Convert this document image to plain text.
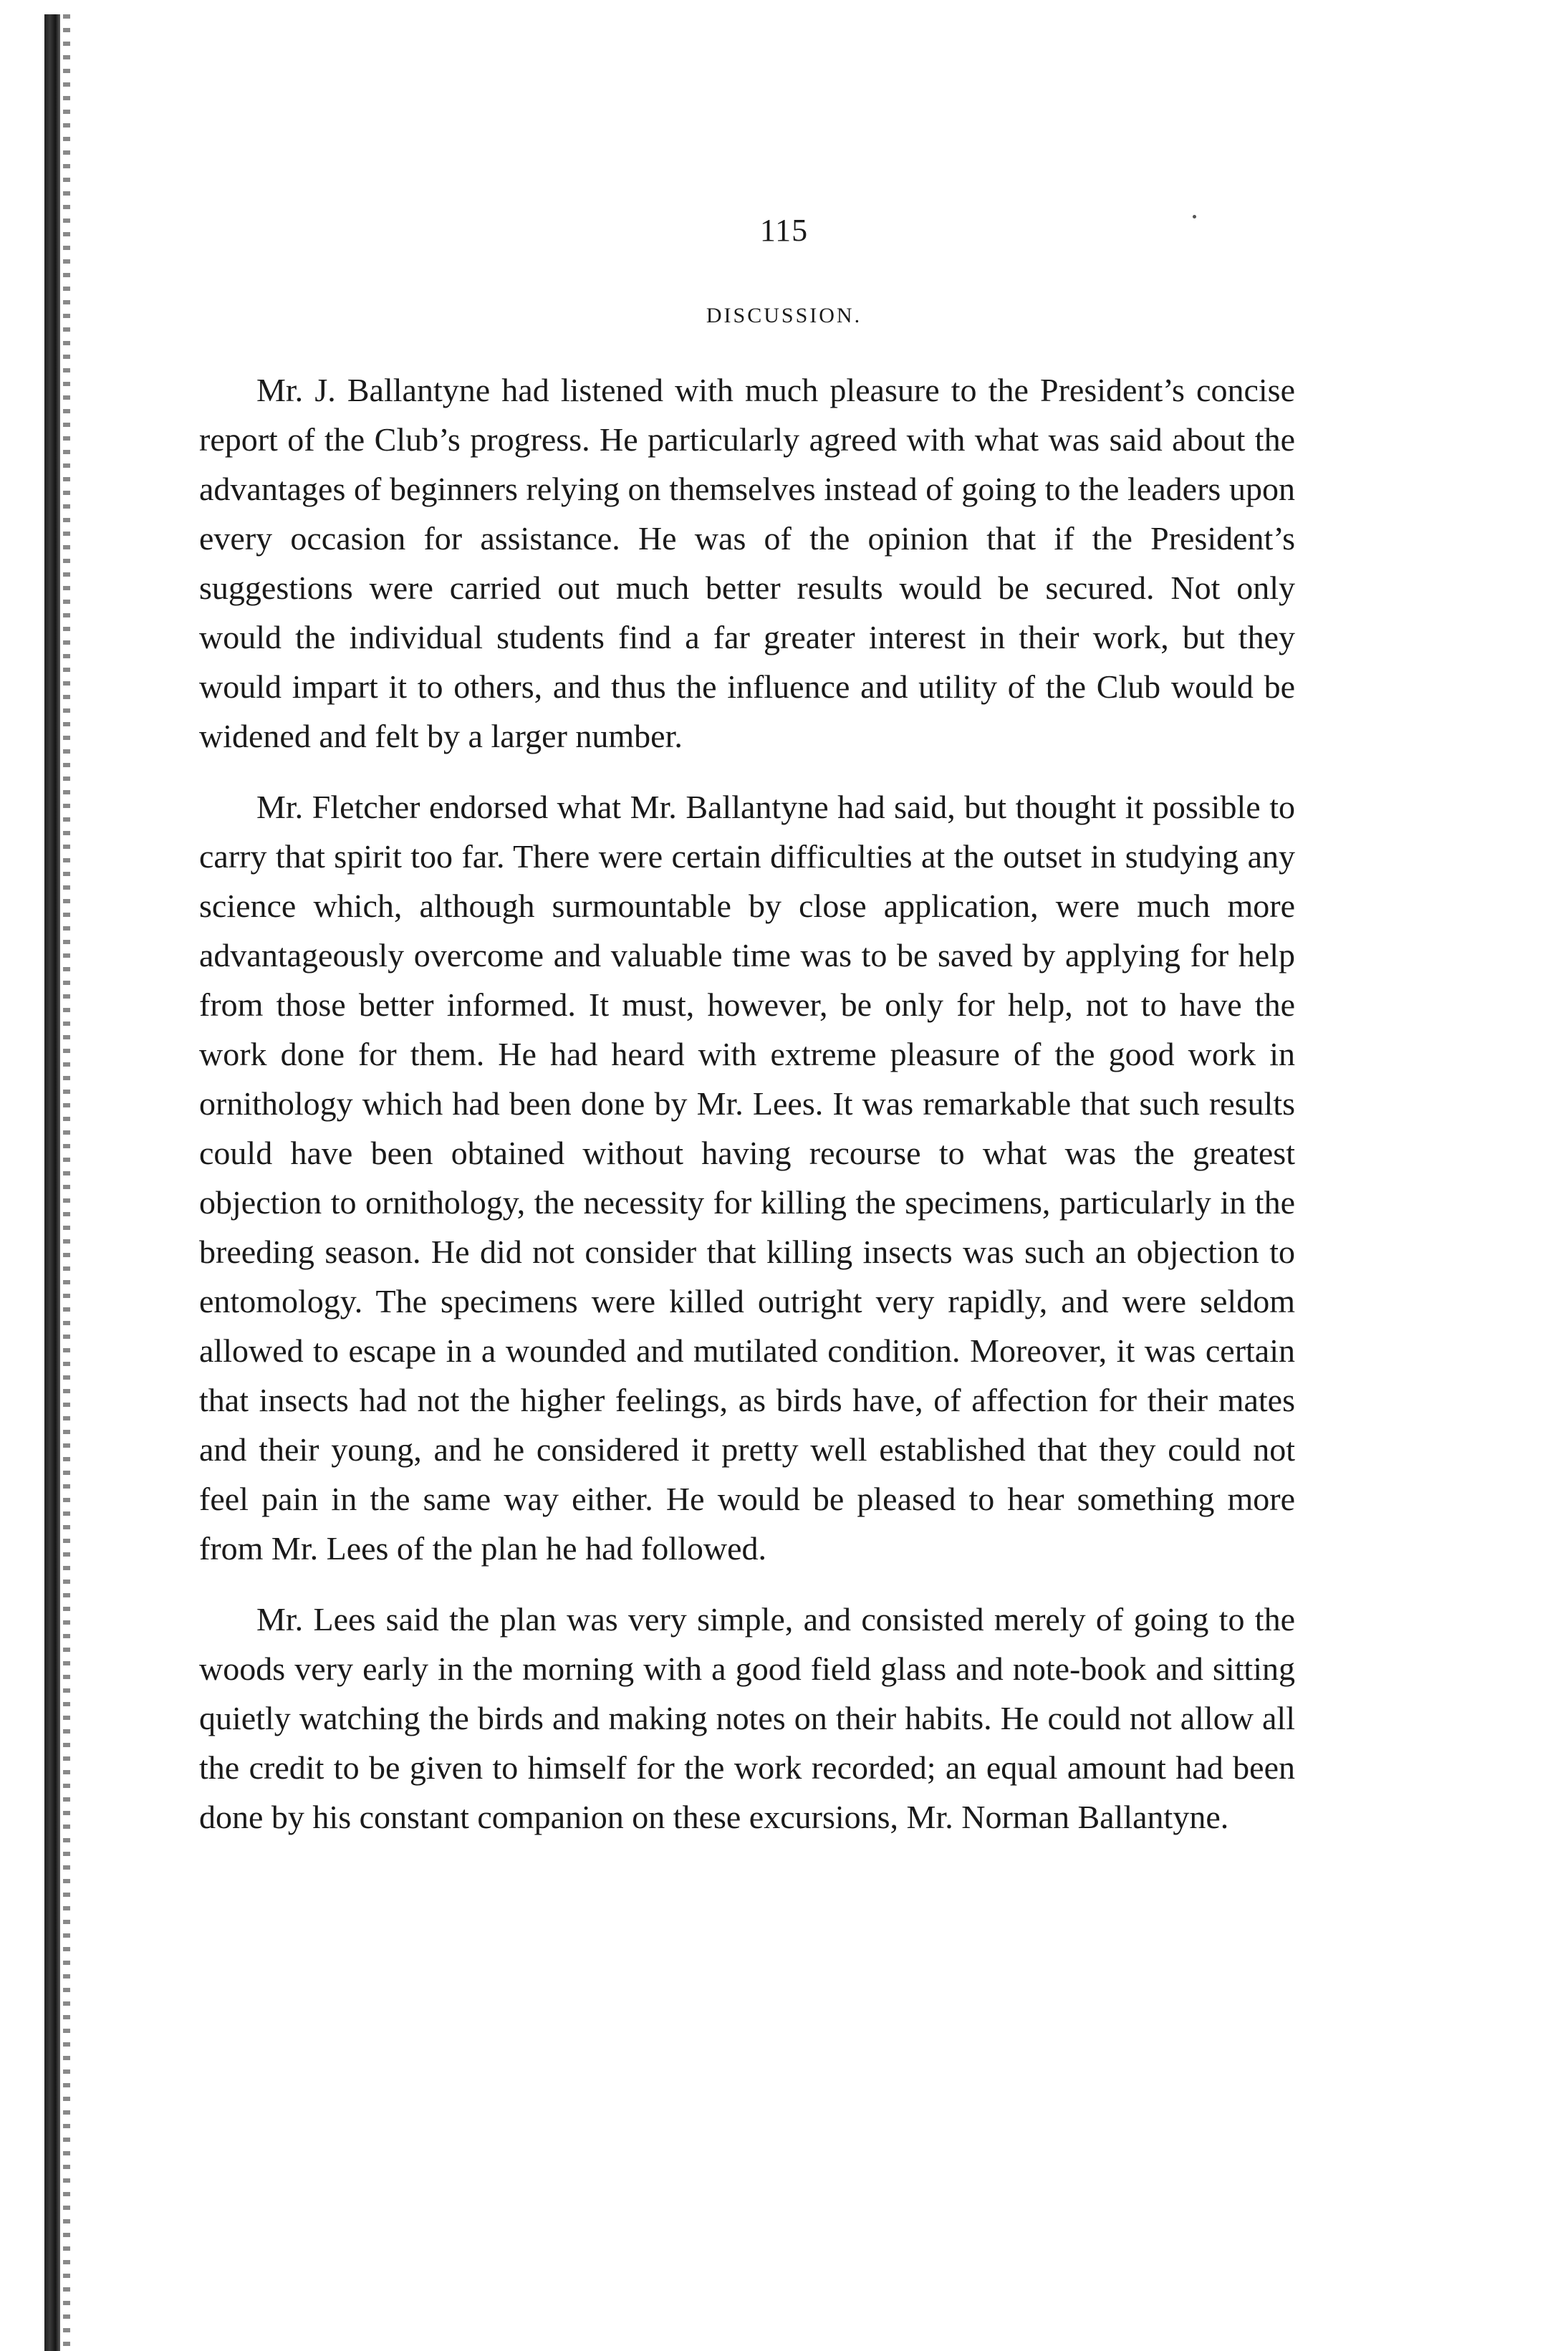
115
DISCUSSION.

Mr. J. Ballantyne had listened with much pleasure to the President’s concise report of the Club’s progress. He particularly agreed with what was said about the advantages of beginners relying on themselves instead of going to the leaders upon every occasion for assistance. He was of the opinion that if the President’s suggestions were carried out much better results would be secured. Not only would the individual students find a far greater interest in their work, but they would impart it to others, and thus the influence and utility of the Club would be widened and felt by a larger number.

Mr. Fletcher endorsed what Mr. Ballantyne had said, but thought it possible to carry that spirit too far. There were certain difficulties at the outset in studying any science which, although surmountable by close application, were much more advantageously overcome and valuable time was to be saved by applying for help from those better informed. It must, however, be only for help, not to have the work done for them. He had heard with extreme pleasure of the good work in ornithology which had been done by Mr. Lees. It was remarkable that such results could have been obtained without having recourse to what was the greatest objection to ornithology, the necessity for killing the specimens, particularly in the breeding season. He did not consider that killing insects was such an objection to entomology. The specimens were killed outright very rapidly, and were seldom allowed to escape in a wounded and mutilated condition. Moreover, it was certain that insects had not the higher feelings, as birds have, of affection for their mates and their young, and he considered it pretty well established that they could not feel pain in the same way either. He would be pleased to hear something more from Mr. Lees of the plan he had followed.

Mr. Lees said the plan was very simple, and consisted merely of going to the woods very early in the morning with a good field glass and note-book and sitting quietly watching the birds and making notes on their habits. He could not allow all the credit to be given to himself for the work recorded; an equal amount had been done by his constant companion on these excursions, Mr. Norman Ballantyne.
